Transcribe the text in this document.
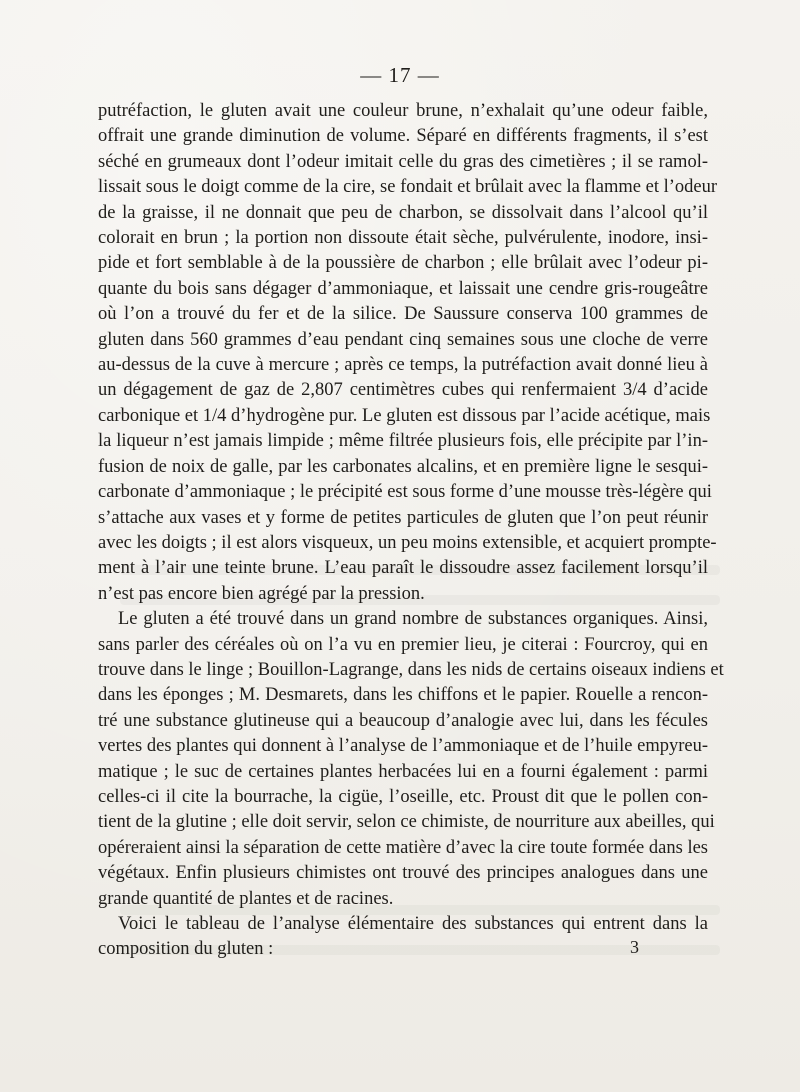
— 17 —
putréfaction, le gluten avait une couleur brune, n’exhalait qu’une odeur faible,
offrait une grande diminution de volume. Séparé en différents fragments, il s’est
séché en grumeaux dont l’odeur imitait celle du gras des cimetières ; il se ramol-
lissait sous le doigt comme de la cire, se fondait et brûlait avec la flamme et l’odeur
de la graisse, il ne donnait que peu de charbon, se dissolvait dans l’alcool qu’il
colorait en brun ; la portion non dissoute était sèche, pulvérulente, inodore, insi-
pide et fort semblable à de la poussière de charbon ; elle brûlait avec l’odeur pi-
quante du bois sans dégager d’ammoniaque, et laissait une cendre gris-rougeâtre
où l’on a trouvé du fer et de la silice. De Saussure conserva 100 grammes de
gluten dans 560 grammes d’eau pendant cinq semaines sous une cloche de verre
au-dessus de la cuve à mercure ; après ce temps, la putréfaction avait donné lieu à
un dégagement de gaz de 2,807 centimètres cubes qui renfermaient 3/4 d’acide
carbonique et 1/4 d’hydrogène pur. Le gluten est dissous par l’acide acétique, mais
la liqueur n’est jamais limpide ; même filtrée plusieurs fois, elle précipite par l’in-
fusion de noix de galle, par les carbonates alcalins, et en première ligne le sesqui-
carbonate d’ammoniaque ; le précipité est sous forme d’une mousse très-légère qui
s’attache aux vases et y forme de petites particules de gluten que l’on peut réunir
avec les doigts ; il est alors visqueux, un peu moins extensible, et acquiert prompte-
ment à l’air une teinte brune. L’eau paraît le dissoudre assez facilement lorsqu’il
n’est pas encore bien agrégé par la pression.
Le gluten a été trouvé dans un grand nombre de substances organiques. Ainsi,
sans parler des céréales où on l’a vu en premier lieu, je citerai : Fourcroy, qui en
trouve dans le linge ; Bouillon-Lagrange, dans les nids de certains oiseaux indiens et
dans les éponges ; M. Desmarets, dans les chiffons et le papier. Rouelle a rencon-
tré une substance glutineuse qui a beaucoup d’analogie avec lui, dans les fécules
vertes des plantes qui donnent à l’analyse de l’ammoniaque et de l’huile empyreu-
matique ; le suc de certaines plantes herbacées lui en a fourni également : parmi
celles-ci il cite la bourrache, la cigüe, l’oseille, etc. Proust dit que le pollen con-
tient de la glutine ; elle doit servir, selon ce chimiste, de nourriture aux abeilles, qui
opéreraient ainsi la séparation de cette matière d’avec la cire toute formée dans les
végétaux. Enfin plusieurs chimistes ont trouvé des principes analogues dans une
grande quantité de plantes et de racines.
Voici le tableau de l’analyse élémentaire des substances qui entrent dans la
composition du gluten :	3
